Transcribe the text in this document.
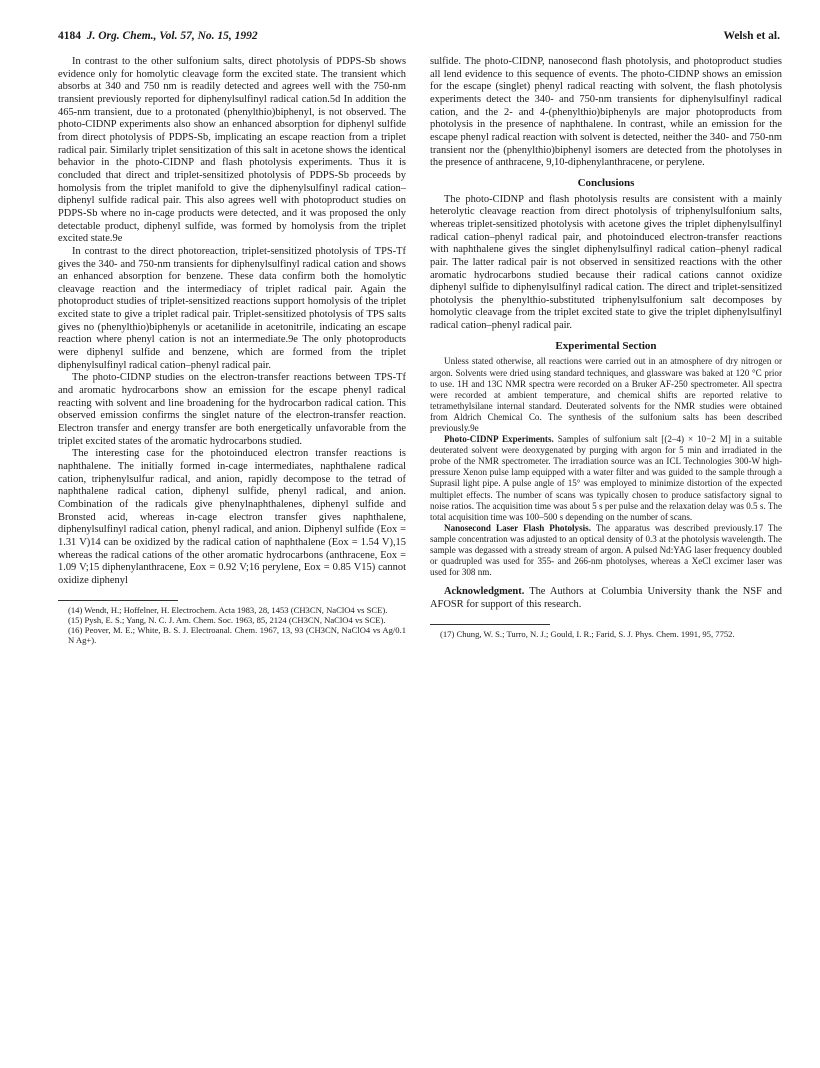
4184 J. Org. Chem., Vol. 57, No. 15, 1992	Welsh et al.

In contrast to the other sulfonium salts, direct photolysis of PDPS-Sb shows evidence only for homolytic cleavage form the excited state. The transient which absorbs at 340 and 750 nm is readily detected and agrees well with the 750-nm transient previously reported for diphenylsulfinyl radical cation.5d In addition the 465-nm transient, due to a protonated (phenylthio)biphenyl, is not observed. The photo-CIDNP experiments also show an enhanced absorption for diphenyl sulfide from direct photolysis of PDPS-Sb, implicating an escape reaction from a triplet radical pair. Similarly triplet sensitization of this salt in acetone shows the identical behavior in the photo-CIDNP and flash photolysis experiments. Thus it is concluded that direct and triplet-sensitized photolysis of PDPS-Sb proceeds by homolysis from the triplet manifold to give the diphenylsulfinyl radical cation–diphenyl sulfide radical pair. This also agrees well with photoproduct studies on PDPS-Sb where no in-cage products were detected, and it was proposed the only detectable product, diphenyl sulfide, was formed by homolysis from the triplet excited state.9e

In contrast to the direct photoreaction, triplet-sensitized photolysis of TPS-Tf gives the 340- and 750-nm transients for diphenylsulfinyl radical cation and shows an enhanced absorption for benzene. These data confirm both the homolytic cleavage reaction and the intermediacy of triplet radical pair. Again the photoproduct studies of triplet-sensitized reactions support homolysis of the triplet excited state to give a triplet radical pair. Triplet-sensitized photolysis of TPS salts gives no (phenylthio)biphenyls or acetanilide in acetonitrile, indicating an escape reaction where phenyl cation is not an intermediate.9e The only photoproducts were diphenyl sulfide and benzene, which are formed from the triplet diphenylsulfinyl radical cation–phenyl radical pair.

The photo-CIDNP studies on the electron-transfer reactions between TPS-Tf and aromatic hydrocarbons show an emission for the escape phenyl radical reacting with solvent and line broadening for the hydrocarbon radical cation. This observed emission confirms the singlet nature of the electron-transfer reaction. Electron transfer and energy transfer are both energetically unfavorable from the triplet excited states of the aromatic hydrocarbons studied.

The interesting case for the photoinduced electron transfer reactions is naphthalene. The initially formed in-cage intermediates, naphthalene radical cation, triphenylsulfur radical, and anion, rapidly decompose to the tetrad of naphthalene radical cation, diphenyl sulfide, phenyl radical, and anion. Combination of the radicals give phenylnaphthalenes, diphenyl sulfide and Bronsted acid, whereas in-cage electron transfer gives naphthalene, diphenylsulfinyl radical cation, phenyl radical, and anion. Diphenyl sulfide (Eox = 1.31 V)14 can be oxidized by the radical cation of naphthalene (Eox = 1.54 V),15 whereas the radical cations of the other aromatic hydrocarbons (anthracene, Eox = 1.09 V;15 diphenylanthracene, Eox = 0.92 V;16 perylene, Eox = 0.85 V15) cannot oxidize diphenyl

(14) Wendt, H.; Hoffelner, H. Electrochem. Acta 1983, 28, 1453 (CH3CN, NaClO4 vs SCE).

(15) Pysh, E. S.; Yang, N. C. J. Am. Chem. Soc. 1963, 85, 2124 (CH3CN, NaClO4 vs SCE).

(16) Peover, M. E.; White, B. S. J. Electroanal. Chem. 1967, 13, 93 (CH3CN, NaClO4 vs Ag/0.1 N Ag+).

sulfide. The photo-CIDNP, nanosecond flash photolysis, and photoproduct studies all lend evidence to this sequence of events. The photo-CIDNP shows an emission for the escape (singlet) phenyl radical reacting with solvent, the flash photolysis experiments detect the 340- and 750-nm transients for diphenylsulfinyl radical cation, and the 2- and 4-(phenylthio)biphenyls are major photoproducts from photolysis in the presence of naphthalene. In contrast, while an emission for the escape phenyl radical reaction with solvent is detected, neither the 340- and 750-nm transient nor the (phenylthio)biphenyl isomers are detected from the photolyses in the presence of anthracene, 9,10-diphenylanthracene, or perylene.

Conclusions

The photo-CIDNP and flash photolysis results are consistent with a mainly heterolytic cleavage reaction from direct photolysis of triphenylsulfonium salts, whereas triplet-sensitized photolysis with acetone gives the triplet diphenylsulfinyl radical cation–phenyl radical pair, and photoinduced electron-transfer reactions with naphthalene gives the singlet diphenylsulfinyl radical cation–phenyl radical pair. The latter radical pair is not observed in sensitized reactions with the other aromatic hydrocarbons studied because their radical cations cannot oxidize diphenyl sulfide to diphenylsulfinyl radical cation. The direct and triplet-sensitized photolysis the phenylthio-substituted triphenylsulfonium salt decomposes by homolytic cleavage from the triplet excited state to give the triplet diphenylsulfinyl radical cation–phenyl radical pair.

Experimental Section

Unless stated otherwise, all reactions were carried out in an atmosphere of dry nitrogen or argon. Solvents were dried using standard techniques, and glassware was baked at 120 °C prior to use. 1H and 13C NMR spectra were recorded on a Bruker AF-250 spectrometer. All spectra were recorded at ambient temperature, and chemical shifts are reported relative to tetramethylsilane internal standard. Deuterated solvents for the NMR studies were obtained from Aldrich Chemical Co. The synthesis of the sulfonium salts has been described previously.9e

Photo-CIDNP Experiments. Samples of sulfonium salt [(2–4) × 10−2 M] in a suitable deuterated solvent were deoxygenated by purging with argon for 5 min and irradiated in the probe of the NMR spectrometer. The irradiation source was an ICL Technologies 300-W high-pressure Xenon pulse lamp equipped with a water filter and was guided to the sample through a Suprasil light pipe. A pulse angle of 15° was employed to minimize distortion of the expected multiplet effects. The number of scans was typically chosen to produce satisfactory signal to noise ratios. The acquisition time was about 5 s per pulse and the relaxation delay was 0.5 s. The total acquisition time was 100–500 s depending on the number of scans.

Nanosecond Laser Flash Photolysis. The apparatus was described previously.17 The sample concentration was adjusted to an optical density of 0.3 at the photolysis wavelength. The sample was degassed with a stready stream of argon. A pulsed Nd:YAG laser frequency doubled or quadrupled was used for 355- and 266-nm photolyses, whereas a XeCl excimer laser was used for 308 nm.

Acknowledgment. The Authors at Columbia University thank the NSF and AFOSR for support of this research.

(17) Chung, W. S.; Turro, N. J.; Gould, I. R.; Farid, S. J. Phys. Chem. 1991, 95, 7752.
